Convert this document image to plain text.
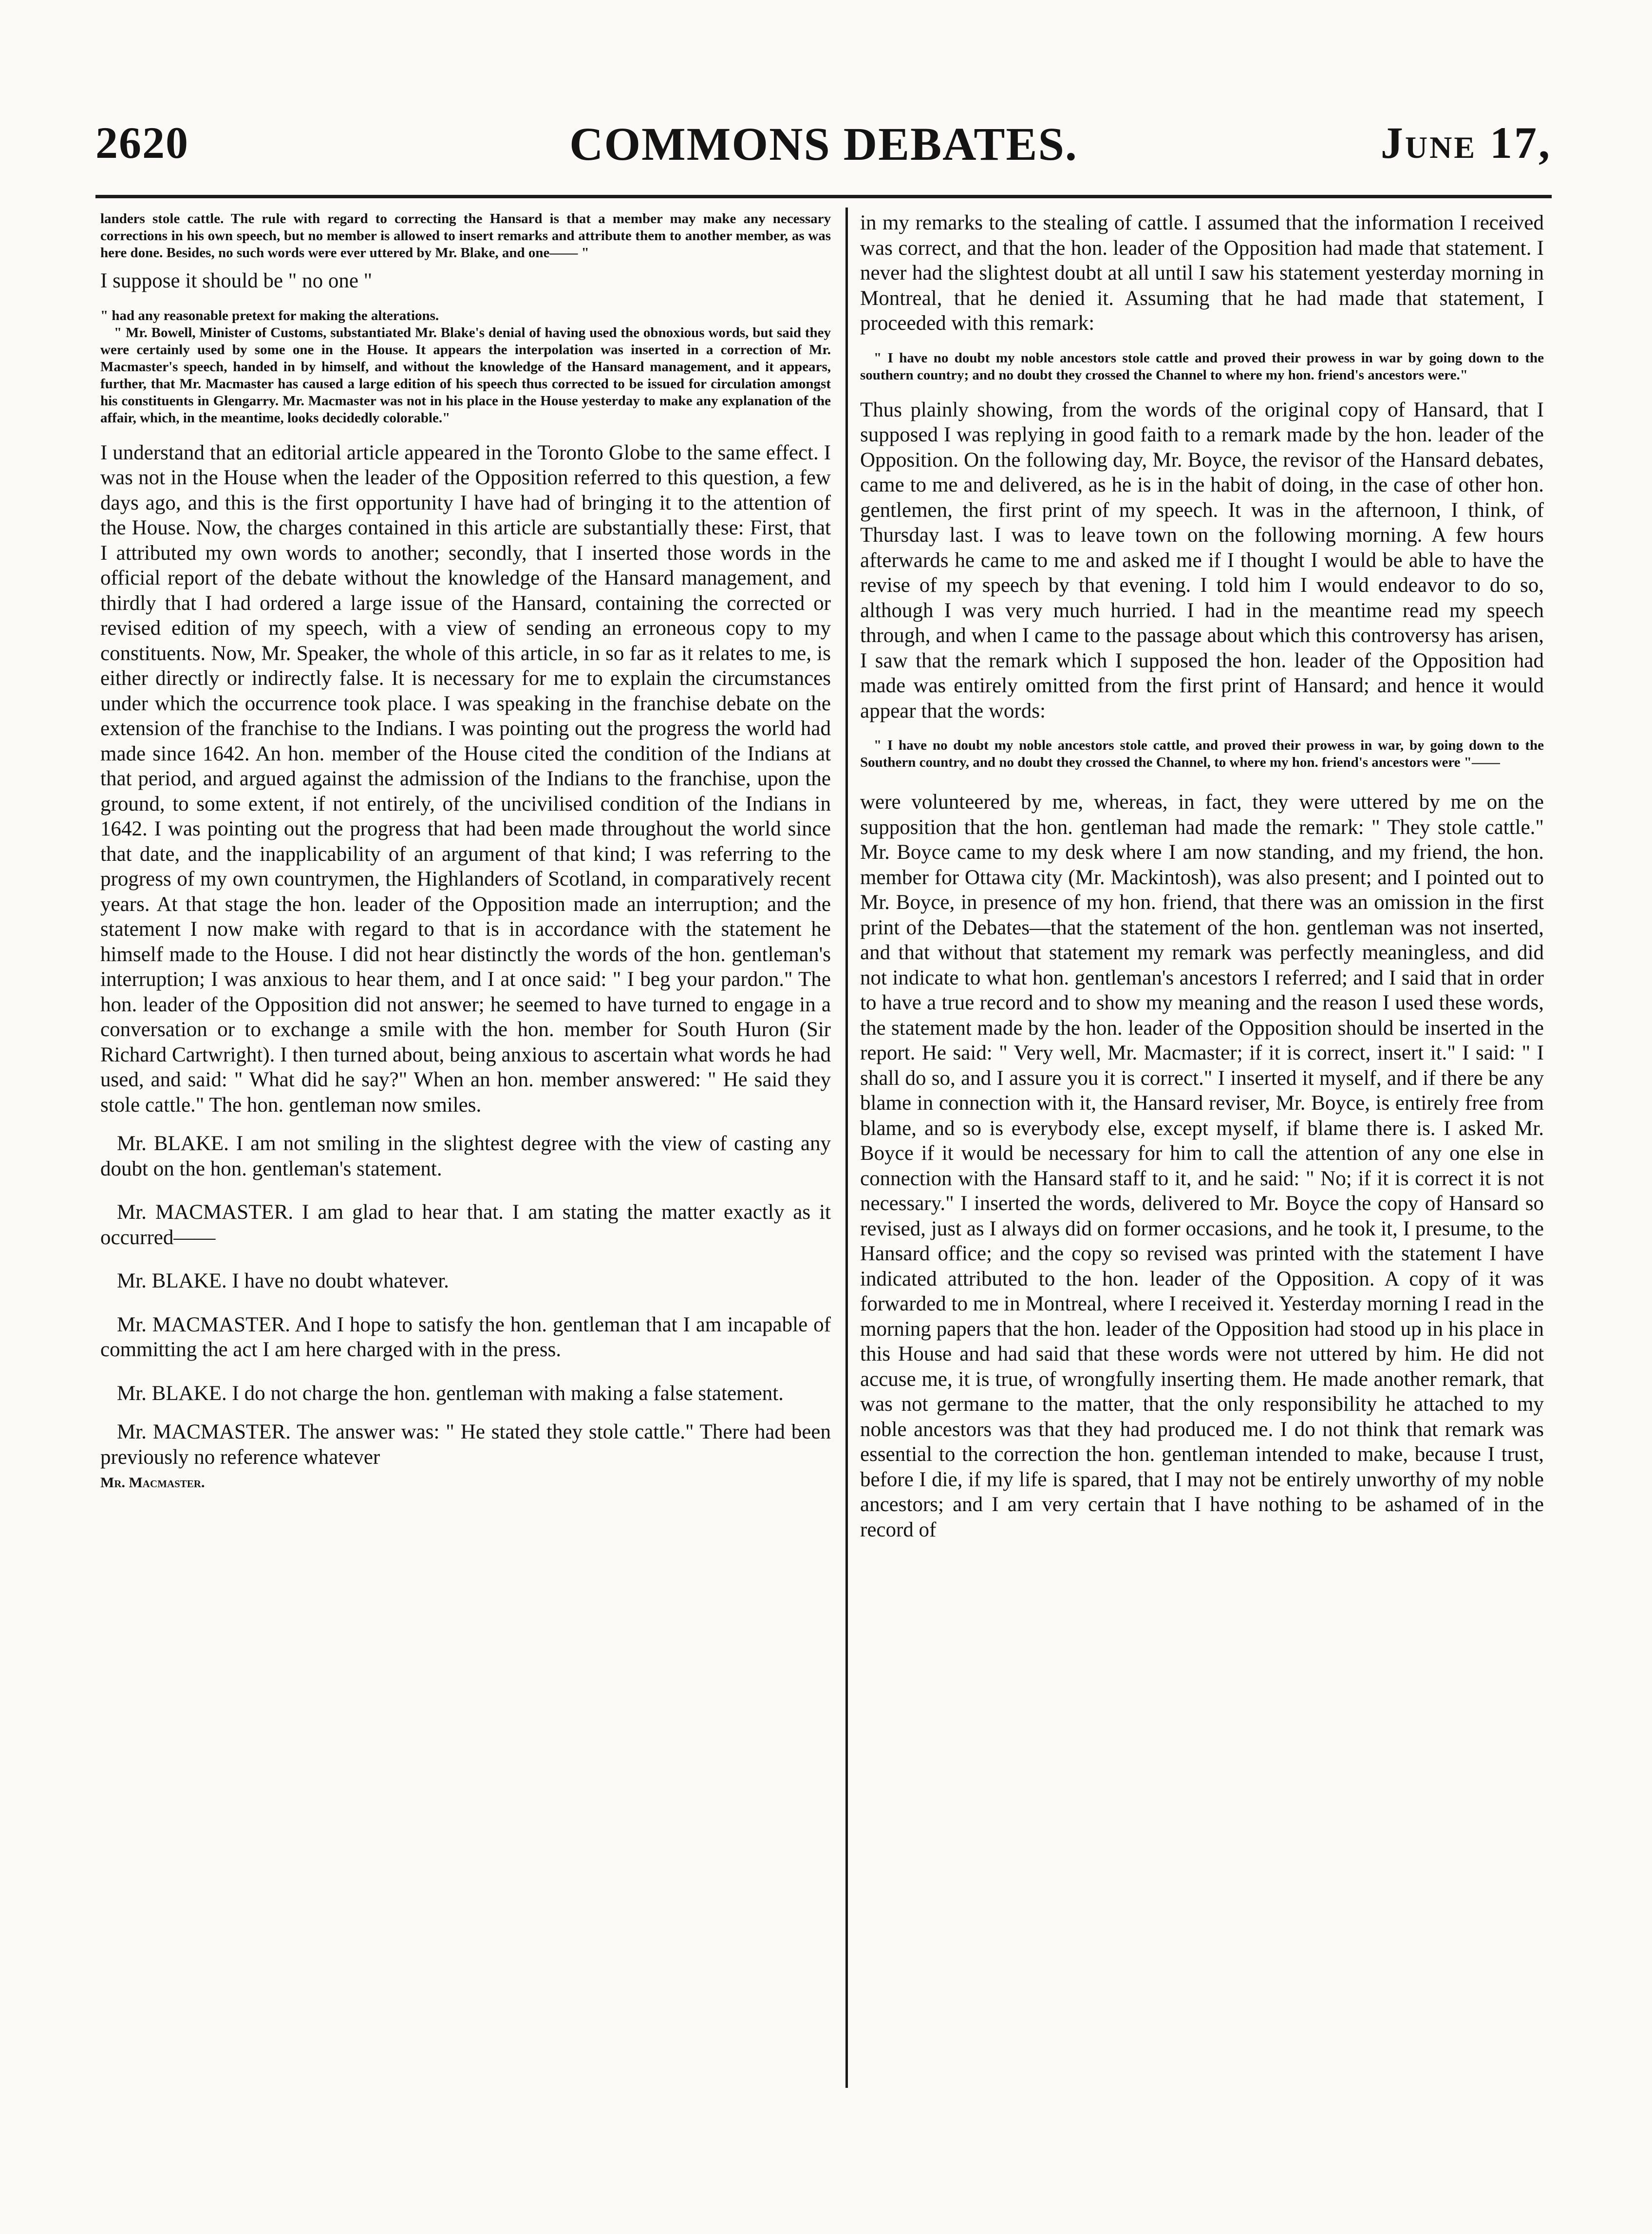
2620	COMMONS DEBATES.	June 17,

landers stole cattle. The rule with regard to correcting the Hansard is that a member may make any necessary corrections in his own speech, but no member is allowed to insert remarks and attribute them to another member, as was here done. Besides, no such words were ever uttered by Mr. Blake, and one—— "

I suppose it should be " no one "

" had any reasonable pretext for making the alterations.

" Mr. Bowell, Minister of Customs, substantiated Mr. Blake's denial of having used the obnoxious words, but said they were certainly used by some one in the House. It appears the interpolation was inserted in a correction of Mr. Macmaster's speech, handed in by himself, and without the knowledge of the Hansard management, and it appears, further, that Mr. Macmaster has caused a large edition of his speech thus corrected to be issued for circulation amongst his constituents in Glengarry. Mr. Macmaster was not in his place in the House yesterday to make any explanation of the affair, which, in the meantime, looks decidedly colorable."

I understand that an editorial article appeared in the Toronto Globe to the same effect. I was not in the House when the leader of the Opposition referred to this question, a few days ago, and this is the first opportunity I have had of bringing it to the attention of the House. Now, the charges contained in this article are substantially these: First, that I attributed my own words to another; secondly, that I inserted those words in the official report of the debate without the knowledge of the Hansard management, and thirdly that I had ordered a large issue of the Hansard, containing the corrected or revised edition of my speech, with a view of sending an erroneous copy to my constituents. Now, Mr. Speaker, the whole of this article, in so far as it relates to me, is either directly or indirectly false. It is necessary for me to explain the circumstances under which the occurrence took place. I was speaking in the franchise debate on the extension of the franchise to the Indians. I was pointing out the progress the world had made since 1642. An hon. member of the House cited the condition of the Indians at that period, and argued against the admission of the Indians to the franchise, upon the ground, to some extent, if not entirely, of the uncivilised condition of the Indians in 1642. I was pointing out the progress that had been made throughout the world since that date, and the inapplicability of an argument of that kind; I was referring to the progress of my own countrymen, the Highlanders of Scotland, in comparatively recent years. At that stage the hon. leader of the Opposition made an interruption; and the statement I now make with regard to that is in accordance with the statement he himself made to the House. I did not hear distinctly the words of the hon. gentleman's interruption; I was anxious to hear them, and I at once said: " I beg your pardon." The hon. leader of the Opposition did not answer; he seemed to have turned to engage in a conversation or to exchange a smile with the hon. member for South Huron (Sir Richard Cartwright). I then turned about, being anxious to ascertain what words he had used, and said: " What did he say?" When an hon. member answered: " He said they stole cattle." The hon. gentleman now smiles.

Mr. BLAKE. I am not smiling in the slightest degree with the view of casting any doubt on the hon. gentleman's statement.

Mr. MACMASTER. I am glad to hear that. I am stating the matter exactly as it occurred——

Mr. BLAKE. I have no doubt whatever.

Mr. MACMASTER. And I hope to satisfy the hon. gentleman that I am incapable of committing the act I am here charged with in the press.

Mr. BLAKE. I do not charge the hon. gentleman with making a false statement.

Mr. MACMASTER. The answer was: " He stated they stole cattle." There had been previously no reference whatever

Mr. Macmaster.

in my remarks to the stealing of cattle. I assumed that the information I received was correct, and that the hon. leader of the Opposition had made that statement. I never had the slightest doubt at all until I saw his statement yesterday morning in Montreal, that he denied it. Assuming that he had made that statement, I proceeded with this remark:

" I have no doubt my noble ancestors stole cattle and proved their prowess in war by going down to the southern country; and no doubt they crossed the Channel to where my hon. friend's ancestors were."

Thus plainly showing, from the words of the original copy of Hansard, that I supposed I was replying in good faith to a remark made by the hon. leader of the Opposition. On the following day, Mr. Boyce, the revisor of the Hansard debates, came to me and delivered, as he is in the habit of doing, in the case of other hon. gentlemen, the first print of my speech. It was in the afternoon, I think, of Thursday last. I was to leave town on the following morning. A few hours afterwards he came to me and asked me if I thought I would be able to have the revise of my speech by that evening. I told him I would endeavor to do so, although I was very much hurried. I had in the meantime read my speech through, and when I came to the passage about which this controversy has arisen, I saw that the remark which I supposed the hon. leader of the Opposition had made was entirely omitted from the first print of Hansard; and hence it would appear that the words:

" I have no doubt my noble ancestors stole cattle, and proved their prowess in war, by going down to the Southern country, and no doubt they crossed the Channel, to where my hon. friend's ancestors were "——

were volunteered by me, whereas, in fact, they were uttered by me on the supposition that the hon. gentleman had made the remark: " They stole cattle." Mr. Boyce came to my desk where I am now standing, and my friend, the hon. member for Ottawa city (Mr. Mackintosh), was also present; and I pointed out to Mr. Boyce, in presence of my hon. friend, that there was an omission in the first print of the Debates—that the statement of the hon. gentleman was not inserted, and that without that statement my remark was perfectly meaningless, and did not indicate to what hon. gentleman's ancestors I referred; and I said that in order to have a true record and to show my meaning and the reason I used these words, the statement made by the hon. leader of the Opposition should be inserted in the report. He said: " Very well, Mr. Macmaster; if it is correct, insert it." I said: " I shall do so, and I assure you it is correct." I inserted it myself, and if there be any blame in connection with it, the Hansard reviser, Mr. Boyce, is entirely free from blame, and so is everybody else, except myself, if blame there is. I asked Mr. Boyce if it would be necessary for him to call the attention of any one else in connection with the Hansard staff to it, and he said: " No; if it is correct it is not necessary." I inserted the words, delivered to Mr. Boyce the copy of Hansard so revised, just as I always did on former occasions, and he took it, I presume, to the Hansard office; and the copy so revised was printed with the statement I have indicated attributed to the hon. leader of the Opposition. A copy of it was forwarded to me in Montreal, where I received it. Yesterday morning I read in the morning papers that the hon. leader of the Opposition had stood up in his place in this House and had said that these words were not uttered by him. He did not accuse me, it is true, of wrongfully inserting them. He made another remark, that was not germane to the matter, that the only responsibility he attached to my noble ancestors was that they had produced me. I do not think that remark was essential to the correction the hon. gentleman intended to make, because I trust, before I die, if my life is spared, that I may not be entirely unworthy of my noble ancestors; and I am very certain that I have nothing to be ashamed of in the record of
